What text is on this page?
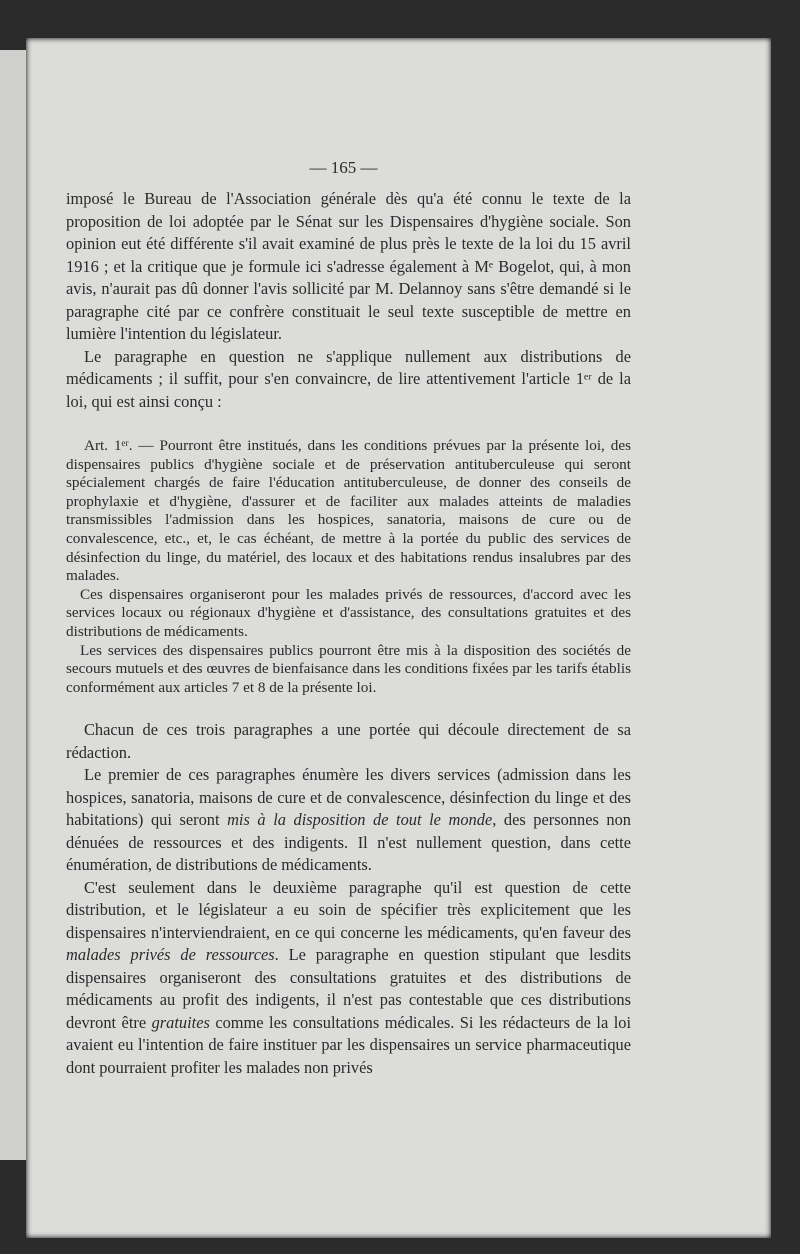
— 165 —

imposé le Bureau de l'Association générale dès qu'a été connu le texte de la proposition de loi adoptée par le Sénat sur les Dispensaires d'hygiène sociale. Son opinion eut été différente s'il avait examiné de plus près le texte de la loi du 15 avril 1916 ; et la critique que je formule ici s'adresse également à Mᵉ Bogelot, qui, à mon avis, n'aurait pas dû donner l'avis sollicité par M. Delannoy sans s'être demandé si le paragraphe cité par ce confrère constituait le seul texte susceptible de mettre en lumière l'intention du législateur.

Le paragraphe en question ne s'applique nullement aux distributions de médicaments ; il suffit, pour s'en convaincre, de lire attentivement l'article 1ᵉʳ de la loi, qui est ainsi conçu :

Art. 1ᵉʳ. — Pourront être institués, dans les conditions prévues par la présente loi, des dispensaires publics d'hygiène sociale et de préservation antituberculeuse qui seront spécialement chargés de faire l'éducation antituberculeuse, de donner des conseils de prophylaxie et d'hygiène, d'assurer et de faciliter aux malades atteints de maladies transmissibles l'admission dans les hospices, sanatoria, maisons de cure ou de convalescence, etc., et, le cas échéant, de mettre à la portée du public des services de désinfection du linge, du matériel, des locaux et des habitations rendus insalubres par des malades.

Ces dispensaires organiseront pour les malades privés de ressources, d'accord avec les services locaux ou régionaux d'hygiène et d'assistance, des consultations gratuites et des distributions de médicaments.

Les services des dispensaires publics pourront être mis à la disposition des sociétés de secours mutuels et des œuvres de bienfaisance dans les conditions fixées par les tarifs établis conformément aux articles 7 et 8 de la présente loi.

Chacun de ces trois paragraphes a une portée qui découle directement de sa rédaction.

Le premier de ces paragraphes énumère les divers services (admission dans les hospices, sanatoria, maisons de cure et de convalescence, désinfection du linge et des habitations) qui seront mis à la disposition de tout le monde, des personnes non dénuées de ressources et des indigents. Il n'est nullement question, dans cette énumération, de distributions de médicaments.

C'est seulement dans le deuxième paragraphe qu'il est question de cette distribution, et le législateur a eu soin de spécifier très explicitement que les dispensaires n'interviendraient, en ce qui concerne les médicaments, qu'en faveur des malades privés de ressources. Le paragraphe en question stipulant que lesdits dispensaires organiseront des consultations gratuites et des distributions de médicaments au profit des indigents, il n'est pas contestable que ces distributions devront être gratuites comme les consultations médicales. Si les rédacteurs de la loi avaient eu l'intention de faire instituer par les dispensaires un service pharmaceutique dont pourraient profiter les malades non privés
